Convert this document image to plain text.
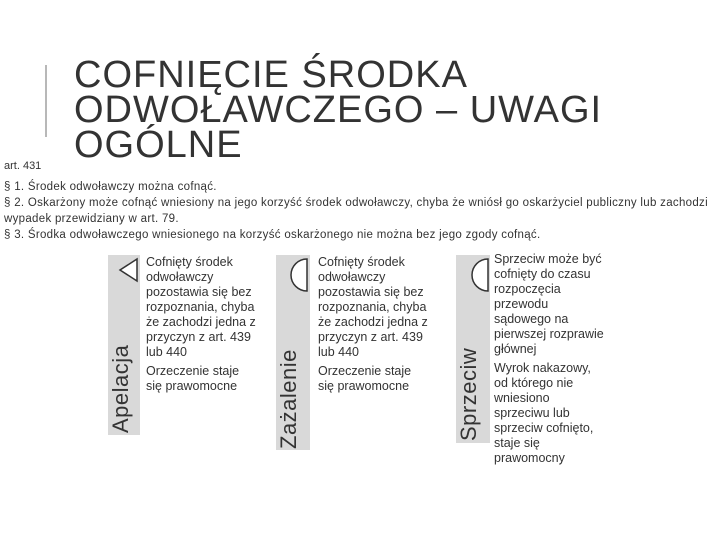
COFNIĘCIE ŚRODKA ODWOŁAWCZEGO – UWAGI OGÓLNE
art. 431
§ 1. Środek odwoławczy można cofnąć.
§ 2. Oskarżony może cofnąć wniesiony na jego korzyść środek odwoławczy, chyba że wniósł go oskarżyciel publiczny lub zachodzi wypadek przewidziany w art. 79.
§ 3. Środka odwoławczego wniesionego na korzyść oskarżonego nie można bez jego zgody cofnąć.
Apelacja
Cofnięty środek odwoławczy pozostawia się bez rozpoznania, chyba że zachodzi jedna z przyczyn z art. 439 lub 440
Orzeczenie staje się prawomocne	Zażalenie
Cofnięty środek odwoławczy pozostawia się bez rozpoznania, chyba że zachodzi jedna z przyczyn z art. 439 lub 440
Orzeczenie staje się prawomocne	Sprzeciw
Sprzeciw może być cofnięty do czasu rozpoczęcia przewodu sądowego na pierwszej rozprawie głównej
Wyrok nakazowy, od którego nie wniesiono sprzeciwu lub sprzeciw cofnięto, staje się prawomocny
